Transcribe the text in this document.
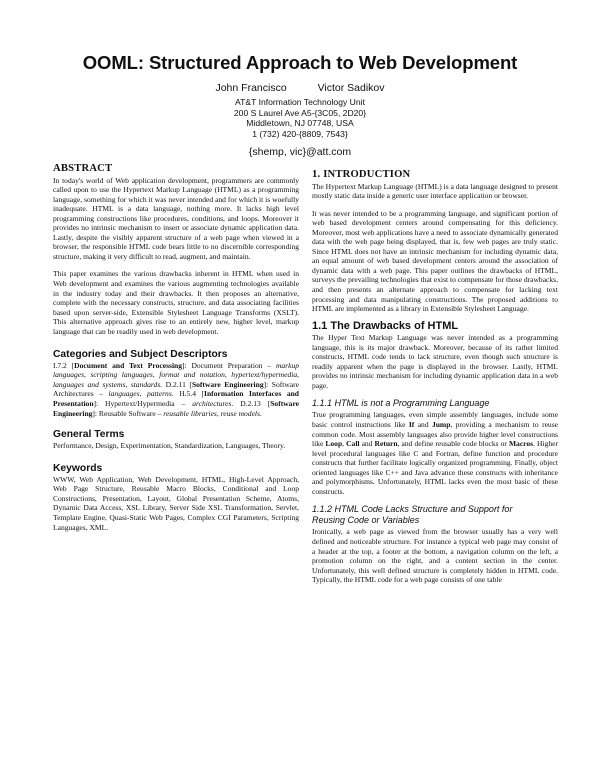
OOML: Structured Approach to Web Development
John Francisco	Victor Sadikov
AT&T Information Technology Unit
200 S Laurel Ave A5-{3C05, 2D20}
Middletown, NJ 07748, USA
1 (732) 420-{8809, 7543}
{shemp, vic}@att.com
ABSTRACT

In today's world of Web application development, programmers are commonly called upon to use the Hypertext Markup Language (HTML) as a programming language, something for which it was never intended and for which it is woefully inadequate. HTML is a data language, nothing more. It lacks high level programming constructions like procedures, conditions, and loops. Moreover it provides no intrinsic mechanism to insert or associate dynamic application data. Lastly, despite the visibly apparent structure of a web page when viewed in a browser, the responsible HTML code bears little to no discernible corresponding structure, making it very difficult to read, augment, and maintain.

This paper examines the various drawbacks inherent in HTML when used in Web development and examines the various augmenting technologies available in the industry today and their drawbacks. It then proposes an alternative, complete with the necessary constructs, structure, and data associating facilities based upon server-side, Extensible Stylesheet Language Transforms (XSLT). This alternative approach gives rise to an entirely new, higher level, markup language that can be readily used in web development.

Categories and Subject Descriptors

I.7.2 [Document and Text Processing]: Document Preparation – markup languages, scripting languages, format and notation, hypertext/hypermedia, languages and systems, standards. D.2.11 [Software Engineering]: Software Architectures – languages, patterns. H.5.4 [Information Interfaces and Presentation]: Hypertext/Hypermedia – architectures. D.2.13 [Software Engineering]: Reusable Software – reusable libraries, reuse models.

General Terms

Performance, Design, Experimentation, Standardization, Languages, Theory.

Keywords

WWW, Web Application, Web Development, HTML, High-Level Approach, Web Page Structure, Reusable Macro Blocks, Conditional and Loop Constructions, Presentation, Layout, Global Presentation Scheme, Atoms, Dynamic Data Access, XSL Library, Server Side XSL Transformation, Servlet, Template Engine, Quasi-Static Web Pages, Complex CGI Parameters, Scripting Languages, XML.

1. INTRODUCTION

The Hypertext Markup Language (HTML) is a data language designed to present mostly static data inside a generic user interface application or browser.

It was never intended to be a programming language, and significant portion of web based development centers around compensating for this deficiency. Moreover, most web applications have a need to associate dynamically generated data with the web page being displayed, that is, few web pages are truly static. Since HTML does not have an intrinsic mechanism for including dynamic data, an equal amount of web based development centers around the association of dynamic data with a web page. This paper outlines the drawbacks of HTML, surveys the prevailing technologies that exist to compensate for those drawbacks, and then presents an alternate approach to compensate for lacking text processing and data manipulating constructions. The proposed additions to HTML are implemented as a library in Extensible Stylesheet Language.

1.1 The Drawbacks of HTML

The Hyper Text Markup Language was never intended as a programming language, this is its major drawback. Moreover, because of its rather limited constructs, HTML code tends to lack structure, even though such structure is readily apparent when the page is displayed in the browser. Lastly, HTML provides no intrinsic mechanism for including dynamic application data in a web page.

1.1.1 HTML is not a Programming Language

True programming languages, even simple assembly languages, include some basic control instructions like If and Jump, providing a mechanism to reuse common code. Most assembly languages also provide higher level constructions like Loop, Call and Return, and define reusable code blocks or Macros. Higher level procedural languages like C and Fortran, define function and procedure constructs that further facilitate logically organized programming. Finally, object oriented languages like C++ and Java advance these constructs with inheritance and polymorphisms. Unfortunately, HTML lacks even the most basic of these constructs.

1.1.2 HTML Code Lacks Structure and Support for
Reusing Code or Variables

Ironically, a web page as viewed from the browser usually has a very well defined and noticeable structure. For instance a typical web page may consist of a header at the top, a footer at the bottom, a navigation column on the left, a promotion column on the right, and a content section in the center. Unfortunately, this well defined structure is completely hidden in HTML code. Typically, the HTML code for a web page consists of one table
